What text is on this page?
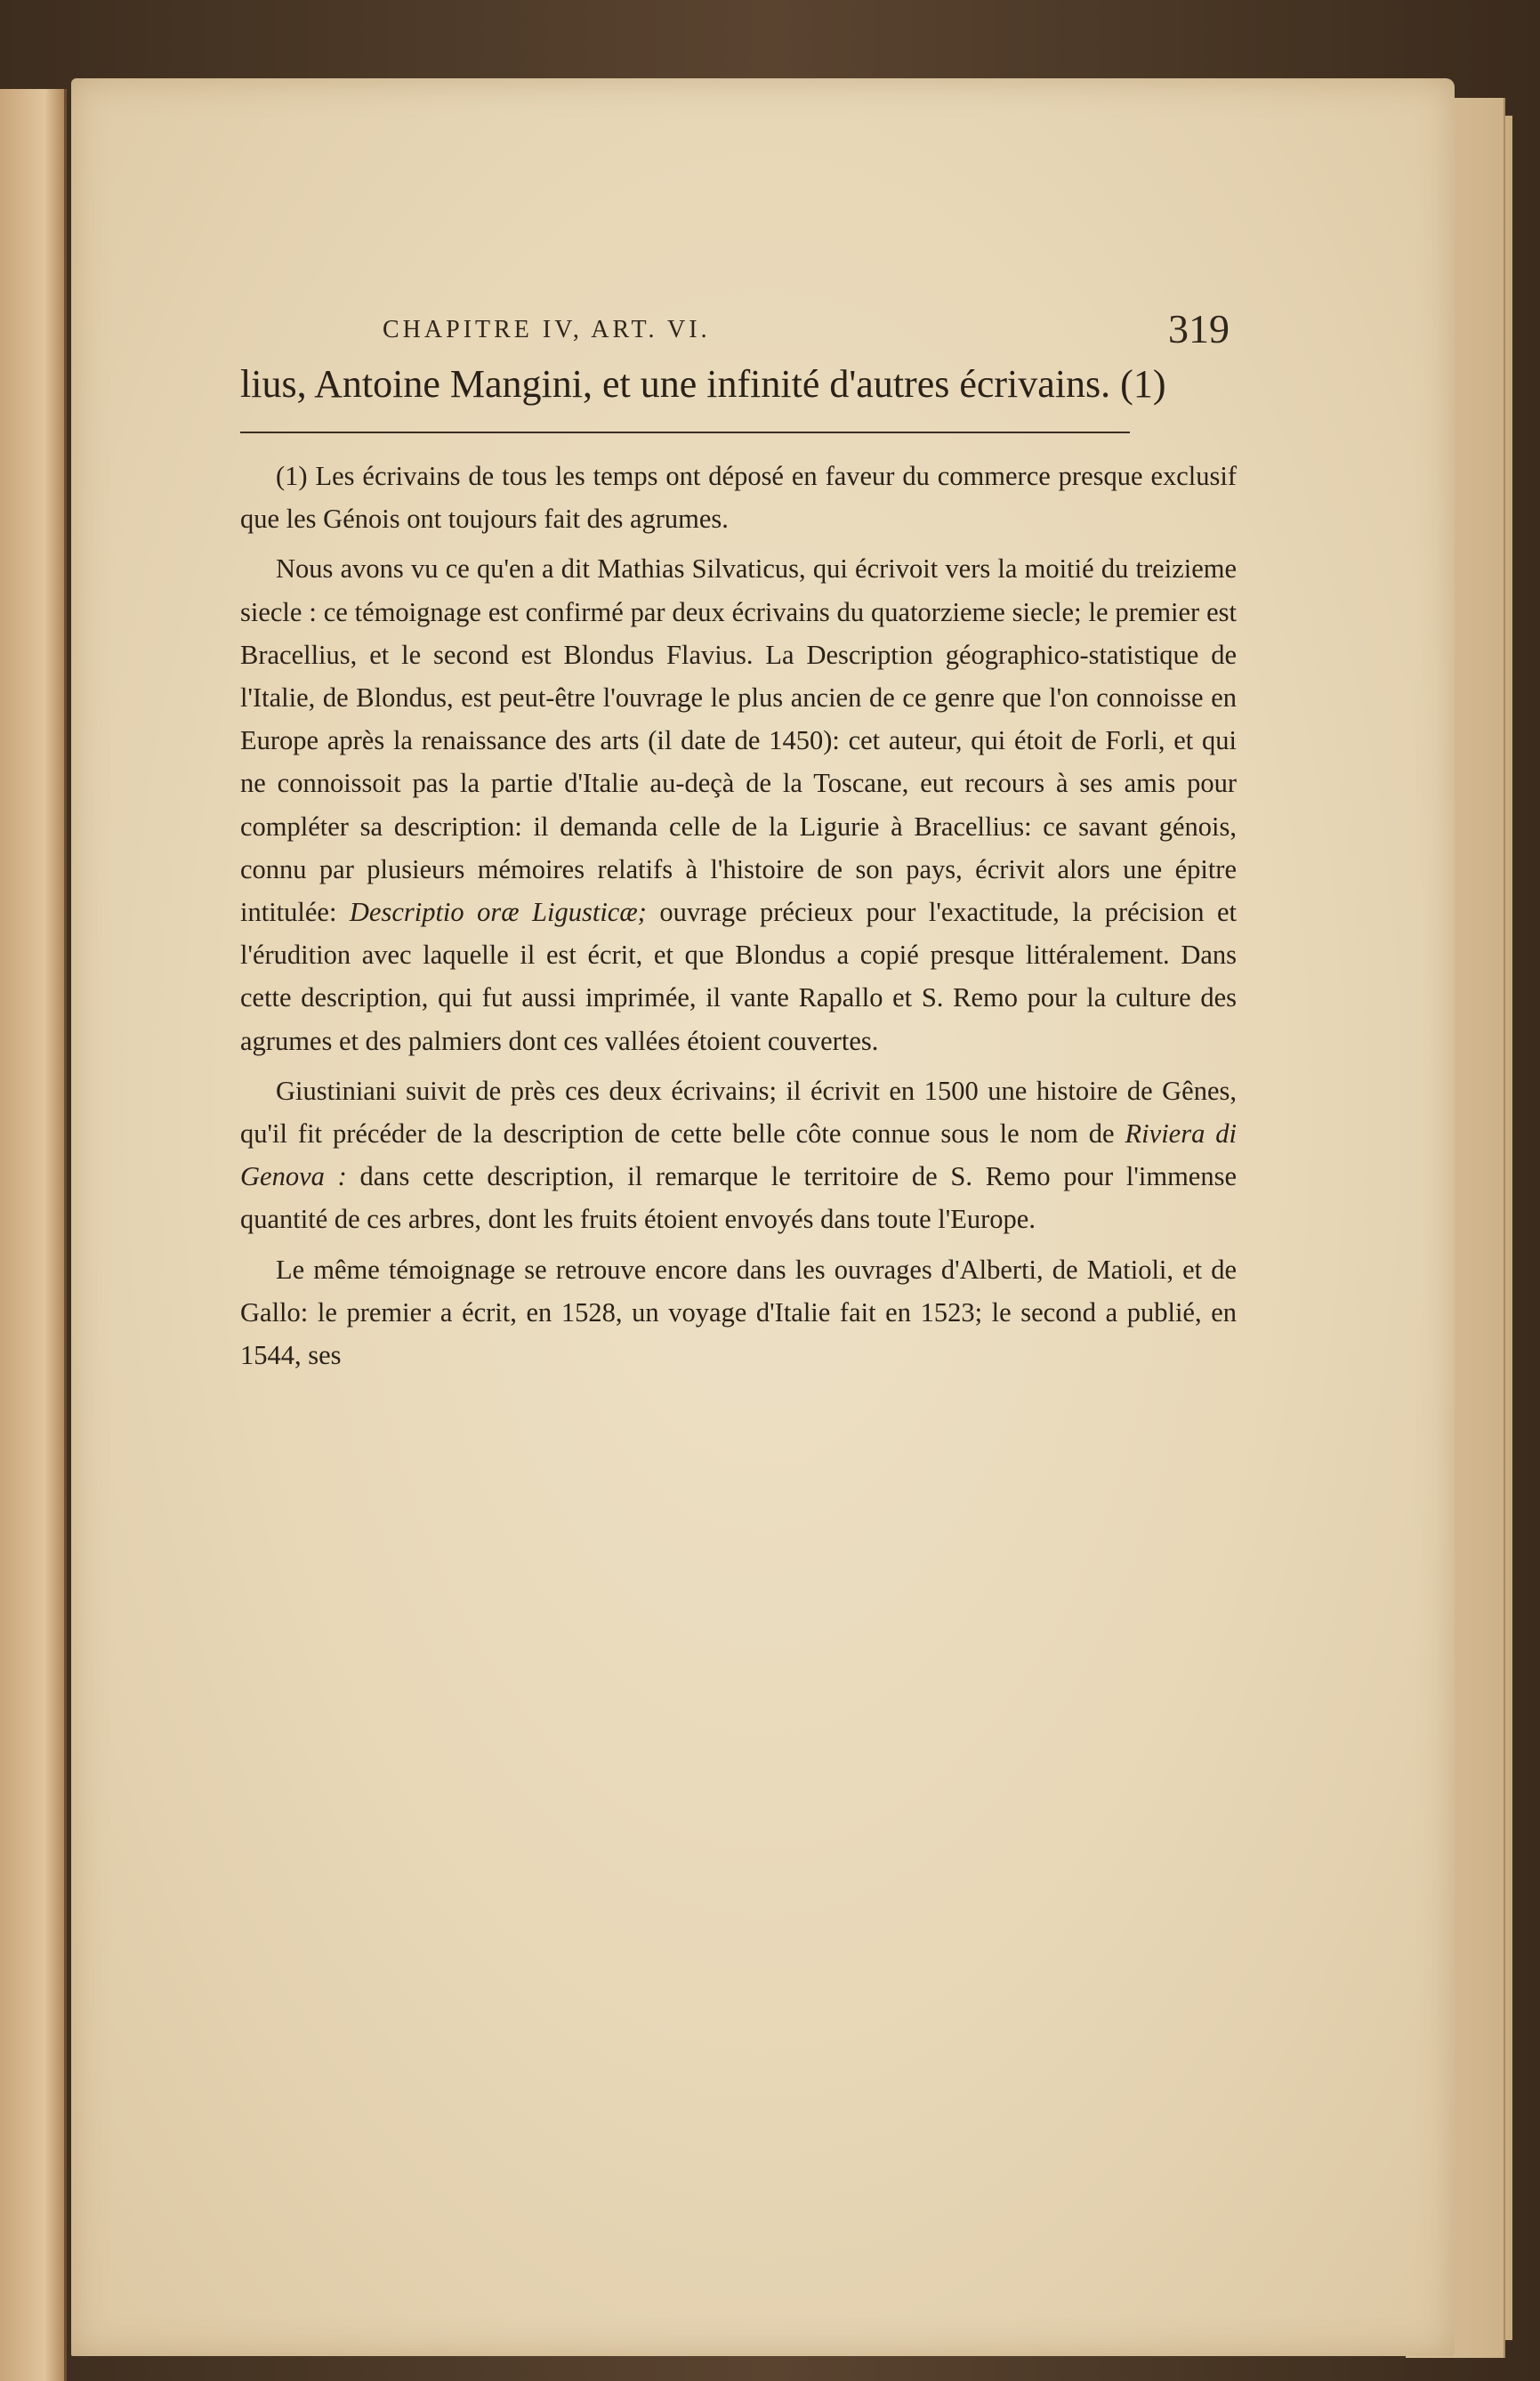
CHAPITRE IV, ART. VI.	319

lius, Antoine Mangini, et une infinité d'autres écrivains. (1)

(1) Les écrivains de tous les temps ont déposé en faveur du commerce presque exclusif que les Génois ont toujours fait des agrumes.

Nous avons vu ce qu'en a dit Mathias Silvaticus, qui écrivoit vers la moitié du treizieme siecle : ce témoignage est confirmé par deux écrivains du quatorzieme siecle; le premier est Bracellius, et le second est Blondus Flavius. La Description géographico-statistique de l'Italie, de Blondus, est peut-être l'ouvrage le plus ancien de ce genre que l'on connoisse en Europe après la renaissance des arts (il date de 1450): cet auteur, qui étoit de Forli, et qui ne connoissoit pas la partie d'Italie au-deçà de la Toscane, eut recours à ses amis pour compléter sa description: il demanda celle de la Ligurie à Bracellius: ce savant génois, connu par plusieurs mémoires relatifs à l'histoire de son pays, écrivit alors une épitre intitulée: Descriptio oræ Ligusticæ; ouvrage précieux pour l'exactitude, la précision et l'érudition avec laquelle il est écrit, et que Blondus a copié presque littéralement. Dans cette description, qui fut aussi imprimée, il vante Rapallo et S. Remo pour la culture des agrumes et des palmiers dont ces vallées étoient couvertes.

Giustiniani suivit de près ces deux écrivains; il écrivit en 1500 une histoire de Gênes, qu'il fit précéder de la description de cette belle côte connue sous le nom de Riviera di Genova : dans cette description, il remarque le territoire de S. Remo pour l'immense quantité de ces arbres, dont les fruits étoient envoyés dans toute l'Europe.

Le même témoignage se retrouve encore dans les ouvrages d'Alberti, de Matioli, et de Gallo: le premier a écrit, en 1528, un voyage d'Italie fait en 1523; le second a publié, en 1544, ses
